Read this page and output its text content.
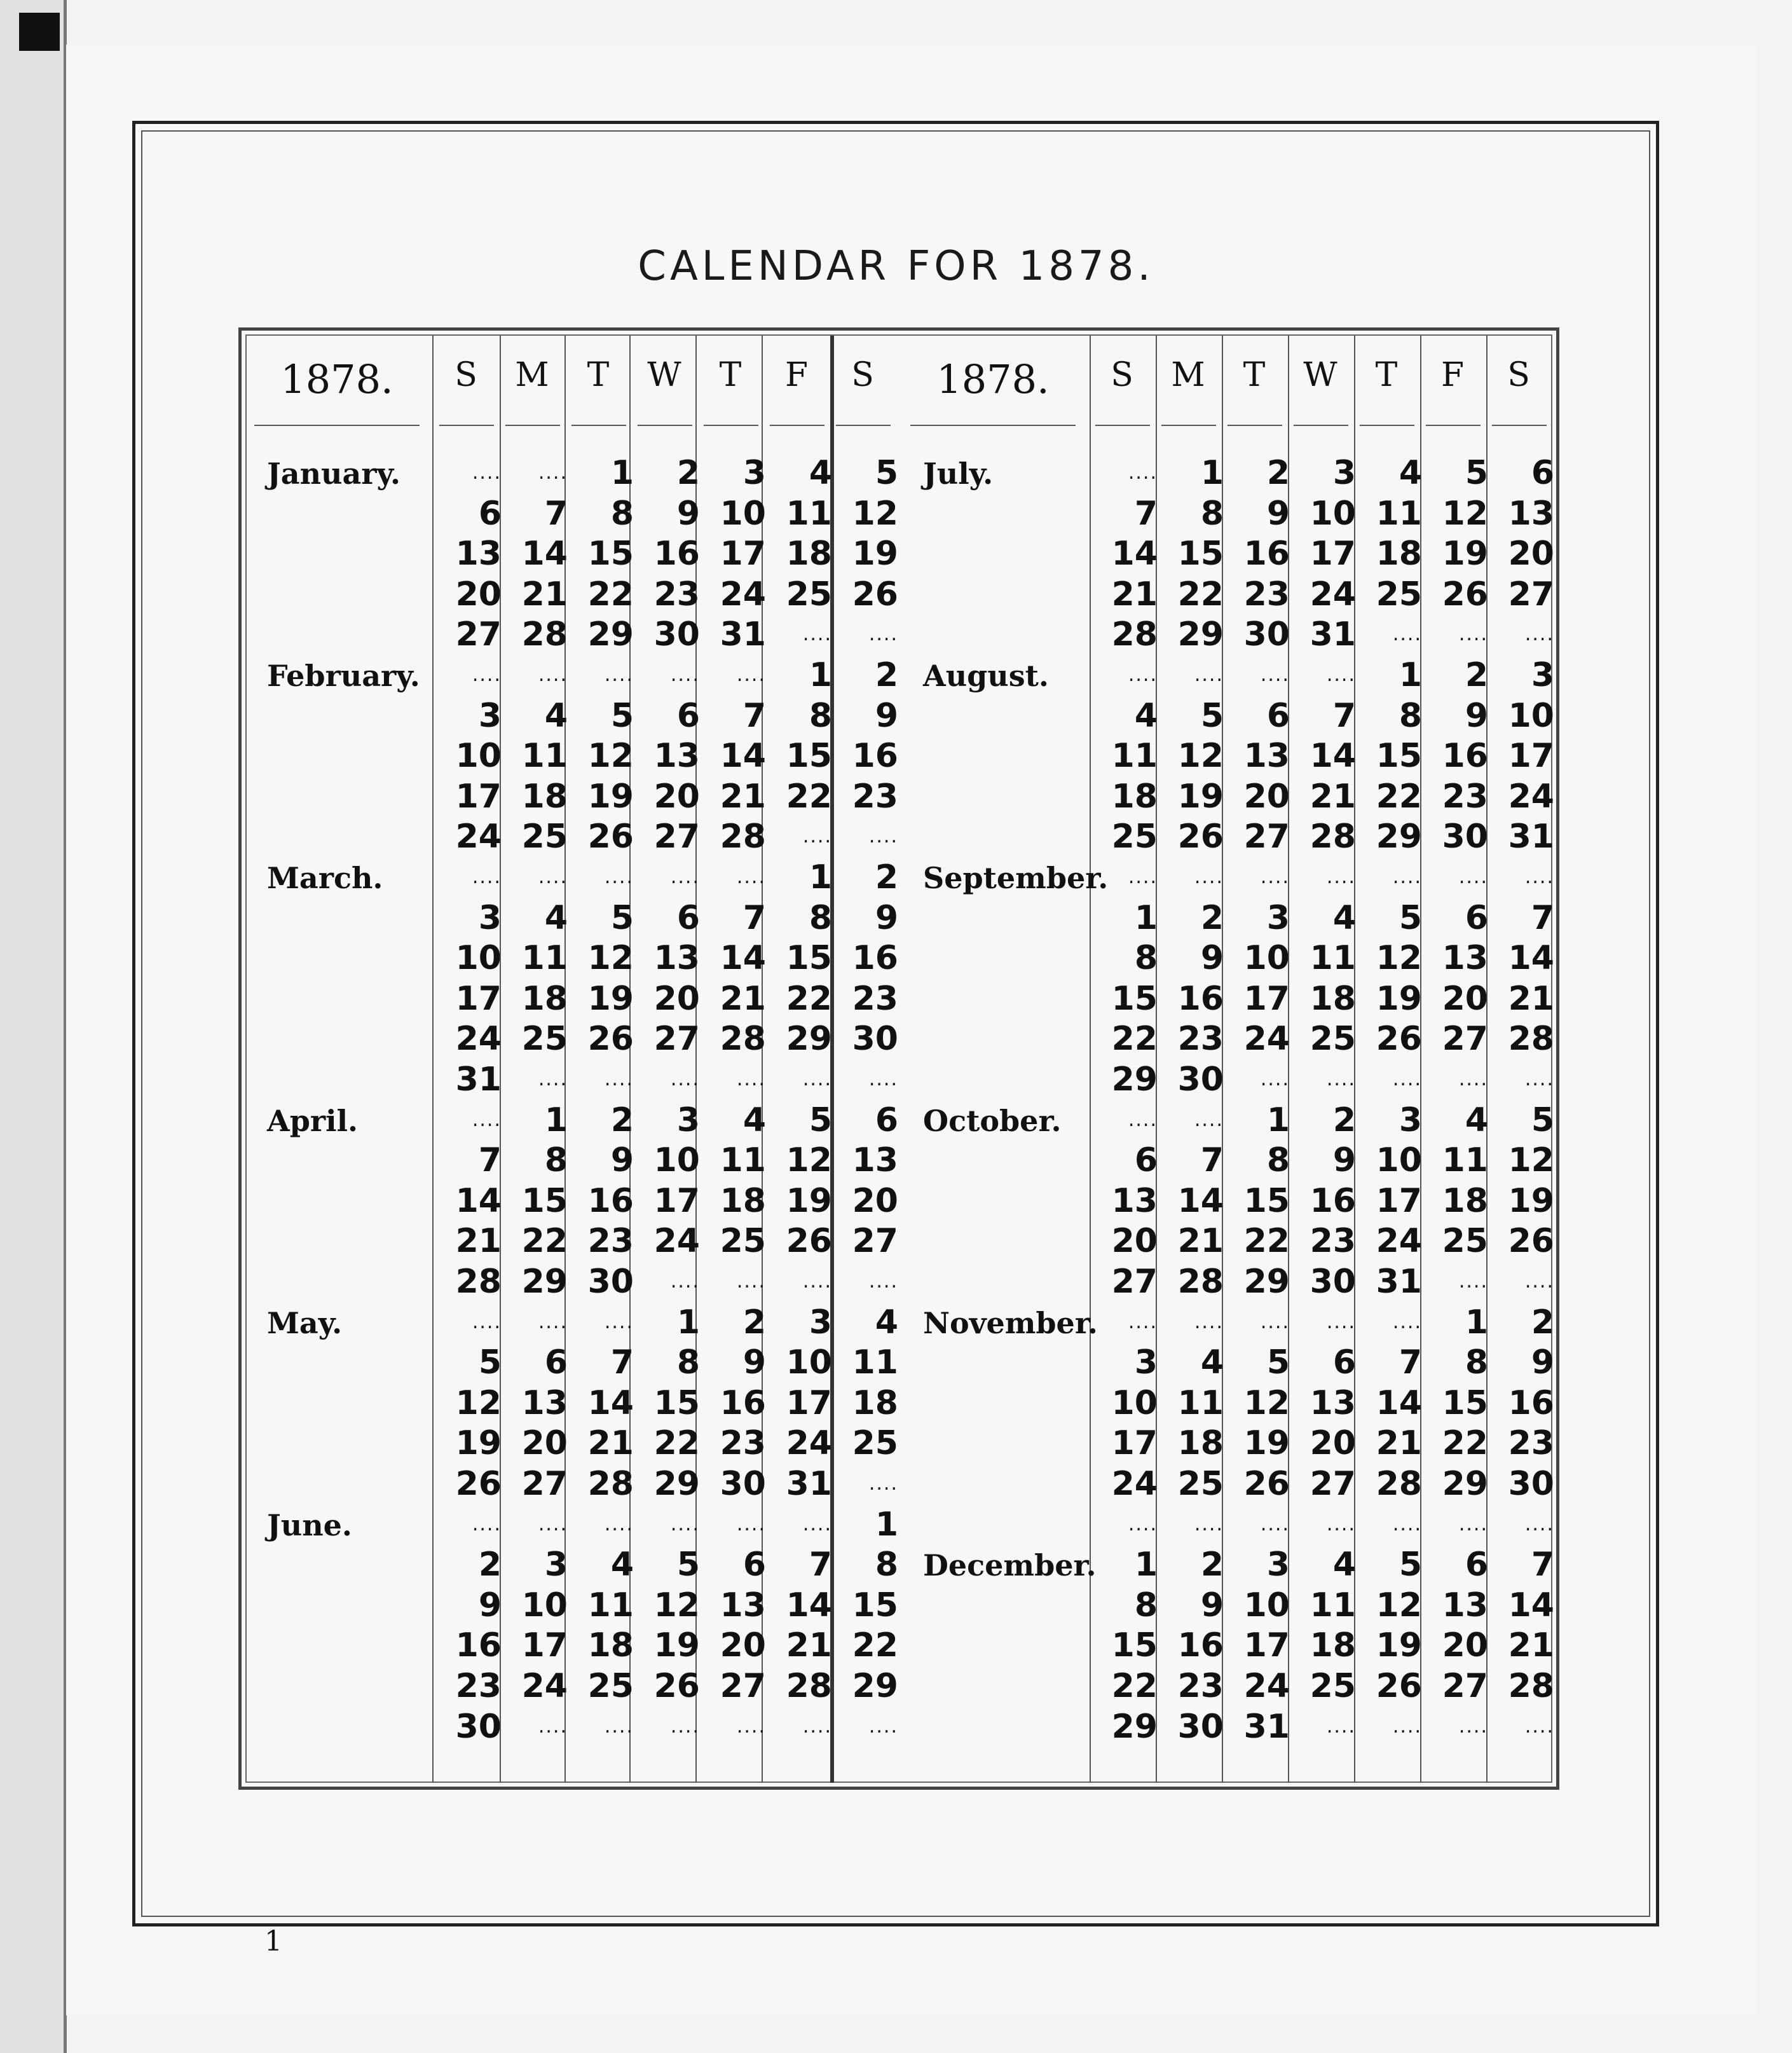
CALENDAR FOR 1878.
1878.	S	M	T	W	T	F	S
January.	....	....	1	2	3	4	5
6	7	8	9 10 11 12
13 14 15 16 17 18 19
20 21 22 23 24 25 26
27 28 29 30 31	....	....
February.	....	....	....	....	....	1	2
3	4	5	6	7	8	9
10 11 12 13 14 15 16
17 18 19 20 21 22 23
24 25 26 27 28	....	....
March.	....	....	....	....	....	1	2
3	4	5	6	7	8	9
10 11 12 13 14 15 16
17 18 19 20 21 22 23
24 25 26 27 28 29 30
31	....	....	....	....	....	....
April.	....	1	2	3	4	5	6
7	8	9 10 11 12 13
14 15 16 17 18 19 20
21 22 23 24 25 26 27
28 29 30	....	....	....	....
May.	....	....	....	1	2	3	4
5	6	7	8	9 10 11
12 13 14 15 16 17 18
19 20 21 22 23 24 25
26 27 28 29 30 31	....
June.	....	....	....	....	....	....	1
2	3	4	5	6	7	8
9 10 11 12 13 14 15
16 17 18 19 20 21 22
23 24 25 26 27 28 29
30	....	....	....	....	....	....
1878.	S	M	T	W	T	F	S
July.	....	1	2	3	4	5	6
7	8	9 10 11 12 13
14 15 16 17 18 19 20
21 22 23 24 25 26 27
28 29 30 31	....	....	....
August.	....	....	....	....	1	2	3
4	5	6	7	8	9 10
11 12 13 14 15 16 17
18 19 20 21 22 23 24
25 26 27 28 29 30 31
September.	....	....	....	....	....	....	....
1	2	3	4	5	6	7
8	9 10 11 12 13 14
15 16 17 18 19 20 21
22 23 24 25 26 27 28
29 30	....	....	....	....	....
October.	....	....	1	2	3	4	5
6	7	8	9 10 11 12
13 14 15 16 17 18 19
20 21 22 23 24 25 26
27 28 29 30 31	....	....
November.	....	....	....	....	....	1	2
3	4	5	6	7	8	9
10 11 12 13 14 15 16
17 18 19 20 21 22 23
24 25 26 27 28 29 30
December.
....	....	....	....	....	....	....
1	2	3	4	5	6	7
8	9 10 11 12 13 14
15 16 17 18 19 20 21
22 23 24 25 26 27 28
29 30 31	....	....	....	....
1
